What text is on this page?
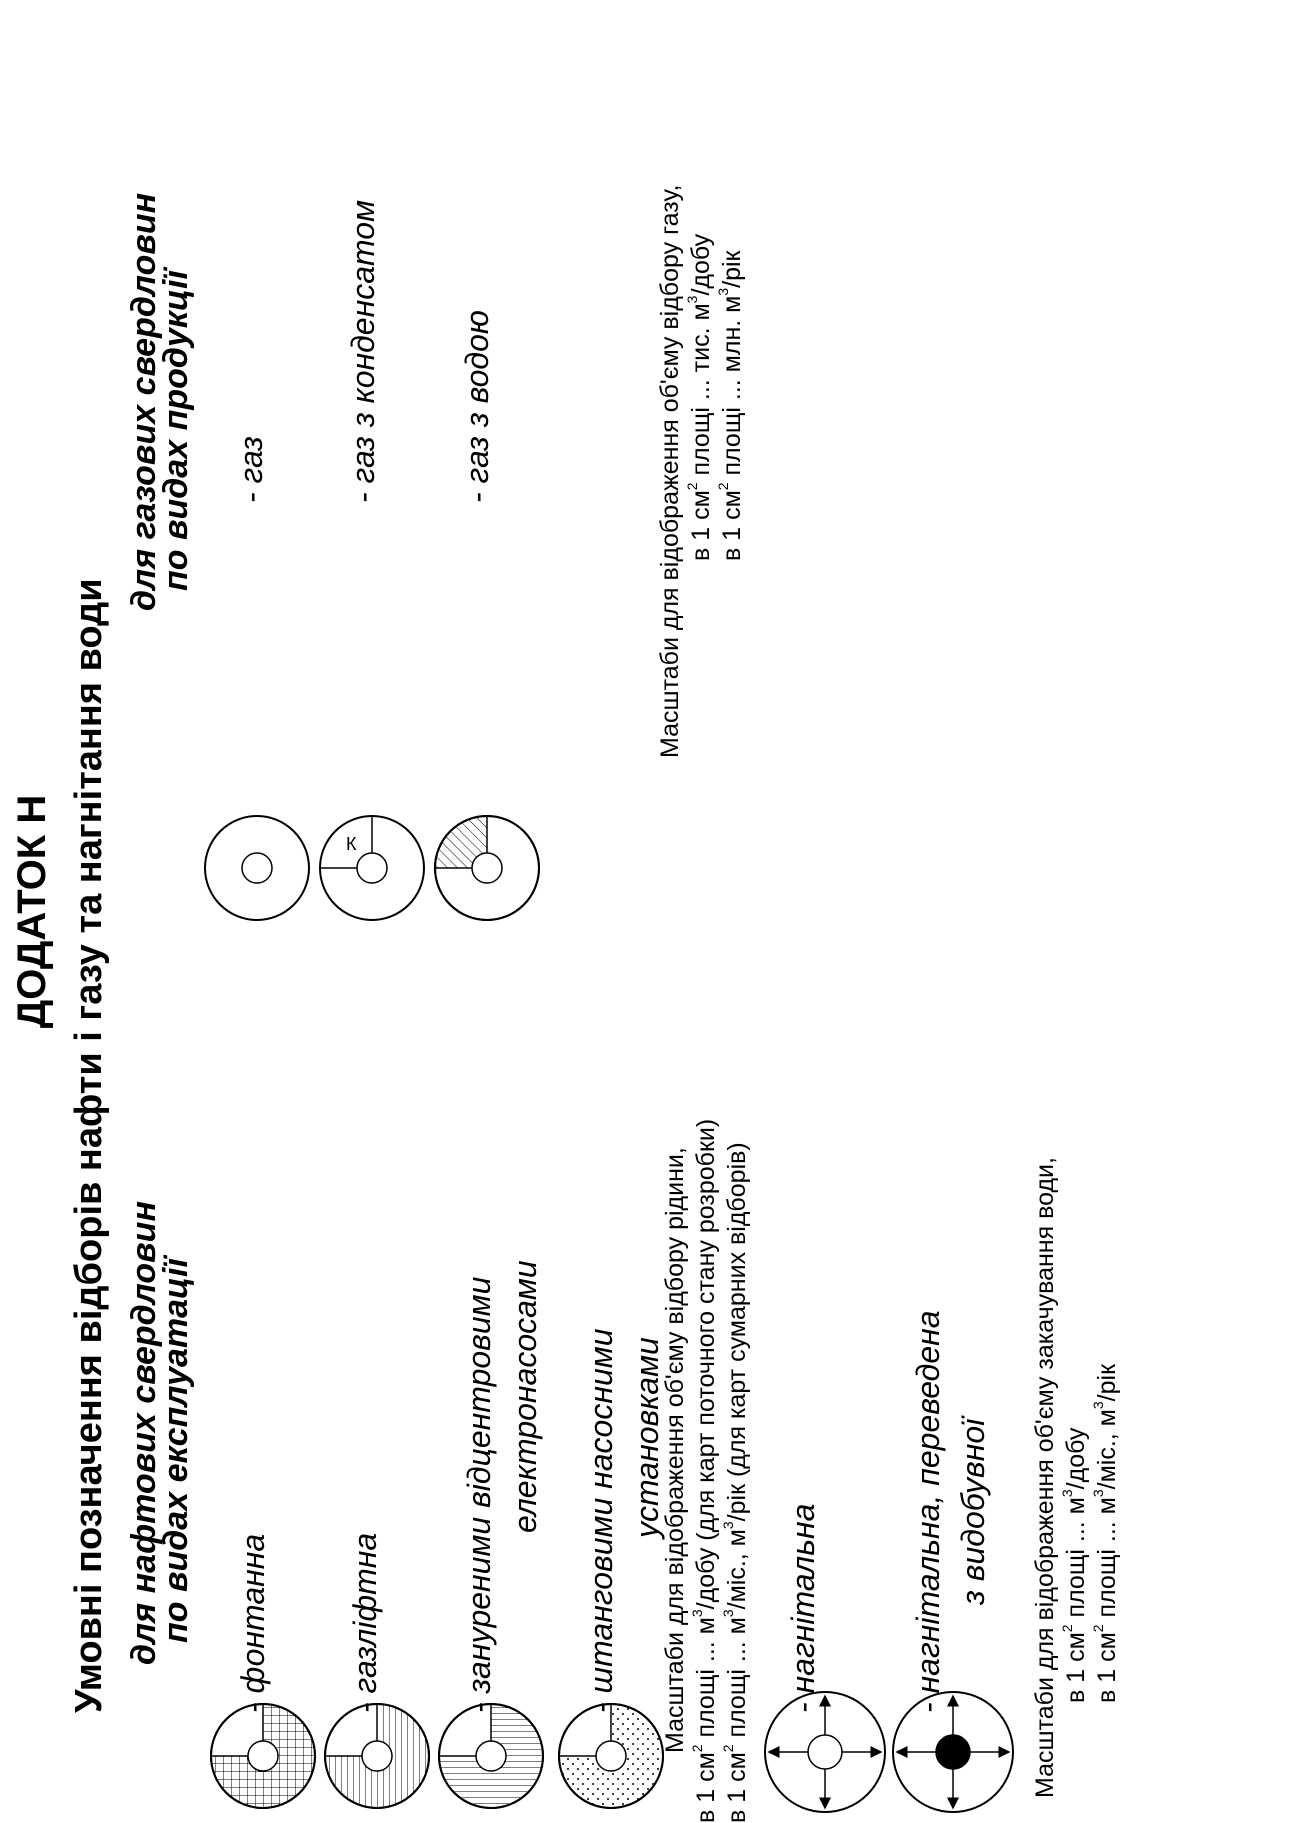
ДОДАТОК Н Умовні позначення відборів нафти і газу та нагнітання води для нафтових свердловин
по видах експлуатації - фонтанна - газліфтна - зануреними відцентровими електронасосами - штанговими насосними установками
Масштаби для відображення об'єму відбору рідини,
в 1 $см^2$ площі ... $м^3$/добу (для карт поточного стану розробки)
в 1 $см^2$ площі ... $м^3$/міс., $м^3$/рік (для карт сумарних відборів)
- нагнітальна	- нагнітальна, переведена з видобувної Масштаби для відображення об'єму закачування води, в 1 $см^2$ площі ... $м^3$/добу
в 1 $см^2$ площі ... $м^3$/міс., $м^3$/рік
для газових свердловин
по видах продукції - газ
К
- газ з конденсатом - газ з водою	Масштаби для відображення об'єму відбору газу, в 1 $см^2$ площі ... тис. $м^3$/добу
в 1 $см^2$ площі ... млн. $м^3$/рік
